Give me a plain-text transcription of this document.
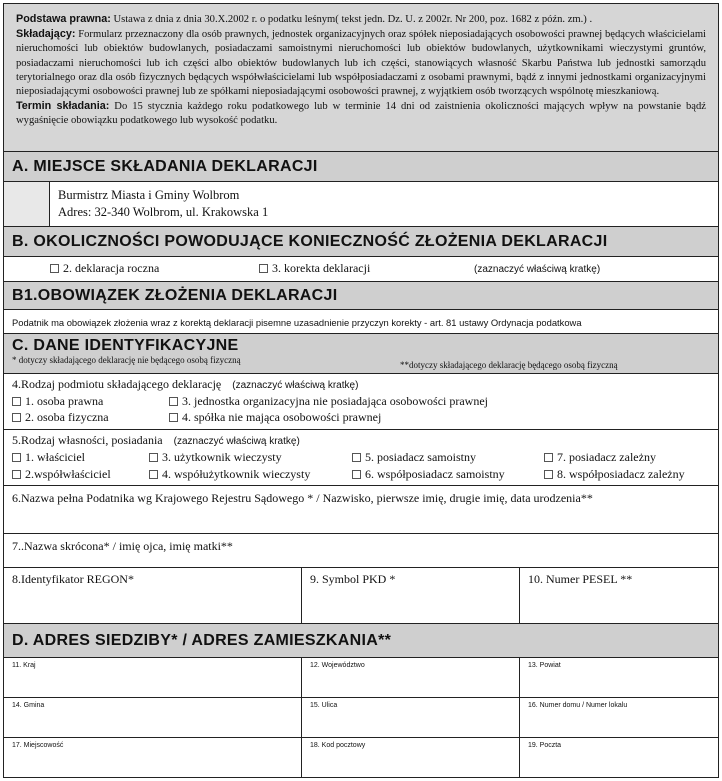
Podstawa prawna: Ustawa z dnia z dnia 30.X.2002 r. o podatku leśnym( tekst jedn. Dz. U. z 2002r. Nr 200, poz. 1682 z późn. zm.) .
Składający: Formularz przeznaczony dla osób prawnych, jednostek organizacyjnych oraz spółek nieposiadających osobowości prawnej będących właścicielami nieruchomości lub obiektów budowlanych, posiadaczami samoistnymi nieruchomości lub obiektów budowlanych, użytkownikami wieczystymi gruntów, posiadaczami nieruchomości lub ich części albo obiektów budowlanych lub ich części, stanowiących własność Skarbu Państwa lub jednostki samorządu terytorialnego oraz dla osób fizycznych będących współwłaścicielami lub współposiadaczami z osobami prawnymi, bądź z innymi jednostkami organizacyjnymi nieposiadającymi osobowości prawnej lub ze spółkami nieposiadającymi osobowości prawnej, z wyjątkiem osób tworzących wspólnotę mieszkaniową.
Termin składania: Do 15 stycznia każdego roku podatkowego lub w terminie 14 dni od zaistnienia okoliczności mających wpływ na powstanie bądź wygaśnięcie obowiązku podatkowego lub wysokość podatku.
A. MIEJSCE SKŁADANIA DEKLARACJI
Burmistrz Miasta i Gminy Wolbrom
Adres: 32-340 Wolbrom, ul. Krakowska 1
B. OKOLICZNOŚCI POWODUJĄCE KONIECZNOŚĆ ZŁOŻENIA DEKLARACJI
2. deklaracja roczna	3. korekta deklaracji	(zaznaczyć właściwą kratkę)
B1.OBOWIĄZEK ZŁOŻENIA DEKLARACJI
Podatnik ma obowiązek złożenia wraz z korektą deklaracji pisemne uzasadnienie przyczyn korekty - art. 81 ustawy Ordynacja podatkowa
C. DANE IDENTYFIKACYJNE
* dotyczy składającego deklarację nie będącego osobą fizyczną	**dotyczy składającego deklarację będącego osobą fizyczną
4.Rodzaj podmiotu składającego deklarację (zaznaczyć właściwą kratkę)
1. osoba prawna
2. osoba fizyczna
3. jednostka organizacyjna nie posiadająca osobowości prawnej
4. spółka nie mająca osobowości prawnej
5.Rodzaj własności, posiadania (zaznaczyć właściwą kratkę)
1. właściciel
2.współwłaściciel
3. użytkownik wieczysty
4. współużytkownik wieczysty
5. posiadacz samoistny
6. współposiadacz samoistny
7. posiadacz zależny
8. współposiadacz zależny
6.Nazwa pełna Podatnika wg Krajowego Rejestru Sądowego * / Nazwisko, pierwsze imię, drugie imię, data urodzenia**
7..Nazwa skrócona* / imię ojca, imię matki**
8.Identyfikator REGON*	9. Symbol PKD *	10. Numer PESEL **
D. ADRES SIEDZIBY* / ADRES ZAMIESZKANIA**
11. Kraj	12. Województwo	13. Powiat
14. Gmina	15. Ulica	16. Numer domu / Numer lokalu
17. Miejscowość	18. Kod pocztowy	19. Poczta
